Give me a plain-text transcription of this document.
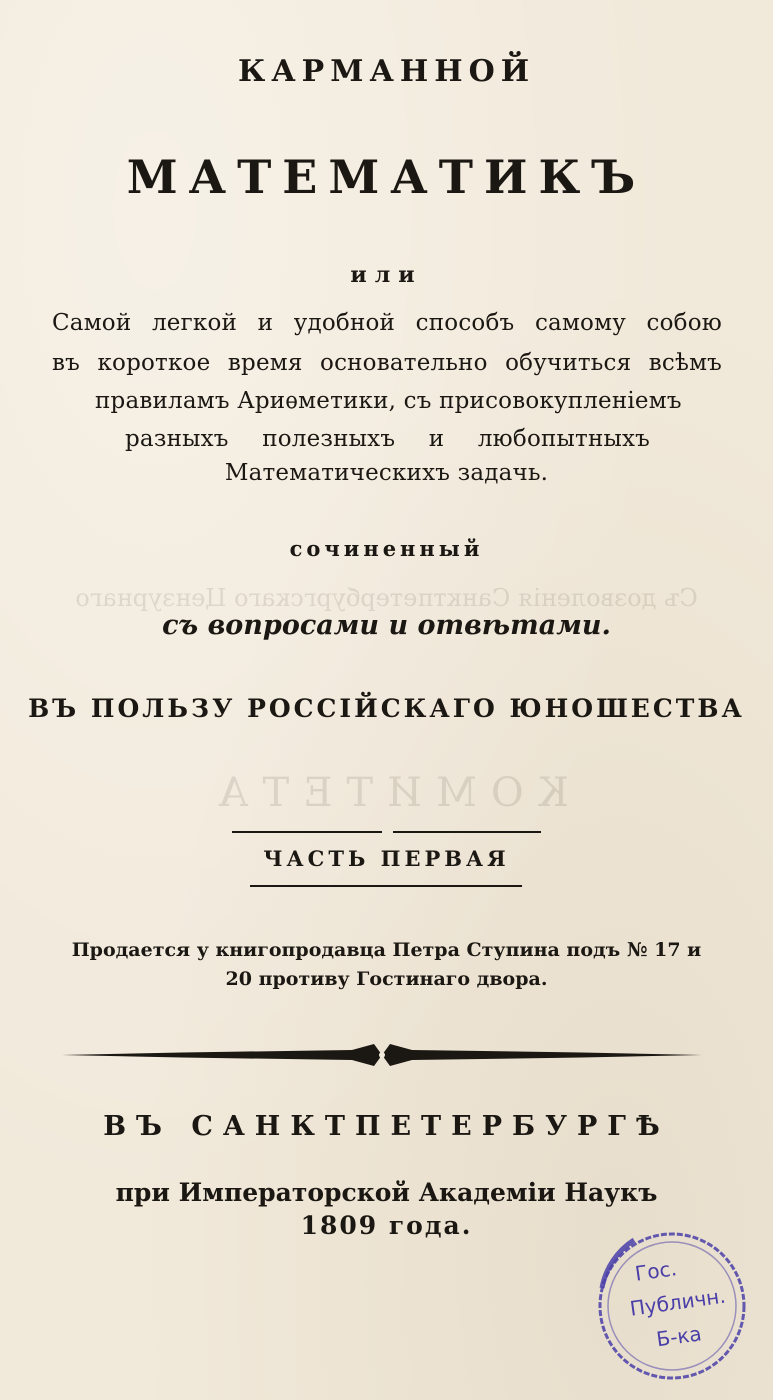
Съ дозволенія Санктпетербургскаго Цензурнаго
КОМИТЕТА
КАРМАННОЙ
МАТЕМАТИКЪ
или
Самой легкой и удобной способъ самому собою
въ короткое время основательно обучиться всѣмъ
правиламъ Ариѳметики, съ присовокупленіемъ
разныхъ полезныхъ и любопытныхъ
Математическихъ задачь.
сочиненный
съ вопросами и отвѣтами.
ВЪ ПОЛЬЗУ РОССІЙСКАГО ЮНОШЕСТВА
ЧАСТЬ ПЕРВАЯ
Продается у книгопродавца Петра Ступина подъ № 17 и
20 противу Гостинаго двора.
ВЪ САНКТПЕТЕРБУРГѢ
при Императорской Академіи Наукъ
1809 года.
Гос.
Публичн.
Б-ка
